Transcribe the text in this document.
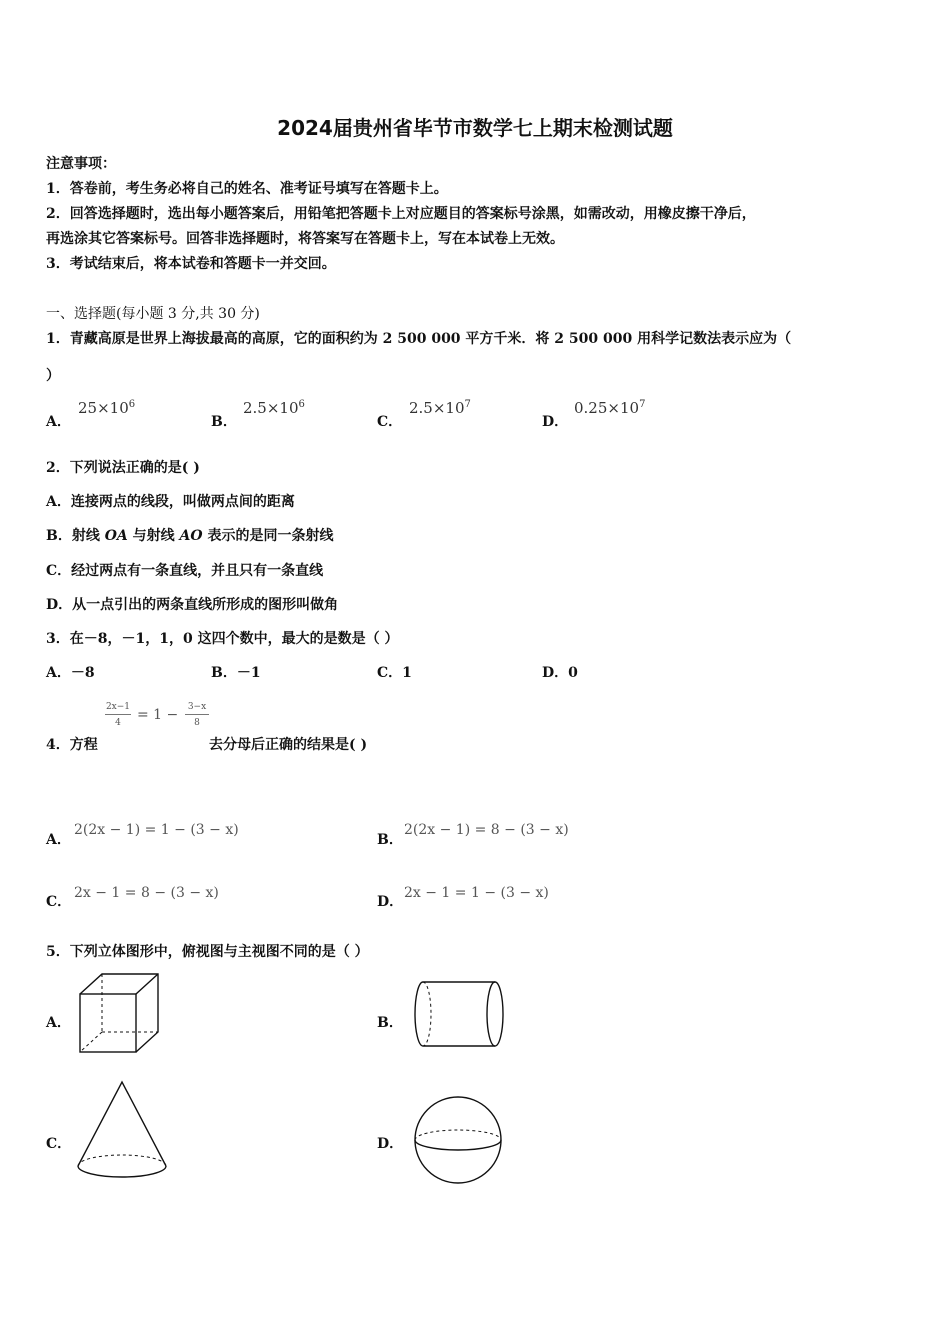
2024届贵州省毕节市数学七上期末检测试题
注意事项：
1．答卷前，考生务必将自己的姓名、准考证号填写在答题卡上。
2．回答选择题时，选出每小题答案后，用铅笔把答题卡上对应题目的答案标号涂黑，如需改动，用橡皮擦干净后，
再选涂其它答案标号。回答非选择题时，将答案写在答题卡上，写在本试卷上无效。
3．考试结束后，将本试卷和答题卡一并交回。
一、选择题(每小题 3 分,共 30 分)
1．青藏高原是世界上海拔最高的高原，它的面积约为 2 500 000 平方千米．将 2 500 000 用科学记数法表示应为（
）
A．
$25\times 10^6$
B．
$2.5\times 10^6$
C．
$2.5\times 10^7$
D．
$0.25\times 10^7$
2．下列说法正确的是( )
A．连接两点的线段，叫做两点间的距离
B．射线 OA 与射线 AO 表示的是同一条射线
C．经过两点有一条直线，并且只有一条直线
D．从一点引出的两条直线所形成的图形叫做角
3．在－8，－1，1，0 这四个数中，最大的是数是（ ）
A．－8	B．－1	C．1	D．0
2x−1
4	= 1 −	3−x
8
4．方程	去分母后正确的结果是( )
A．
2(2x − 1) = 1 − (3 − x)
B．
2(2x − 1) = 8 − (3 − x)
C．
2x − 1 = 8 − (3 − x)
D．
2x − 1 = 1 − (3 − x)
5．下列立体图形中，俯视图与主视图不同的是（ ）
A．	B．
C．	D．
